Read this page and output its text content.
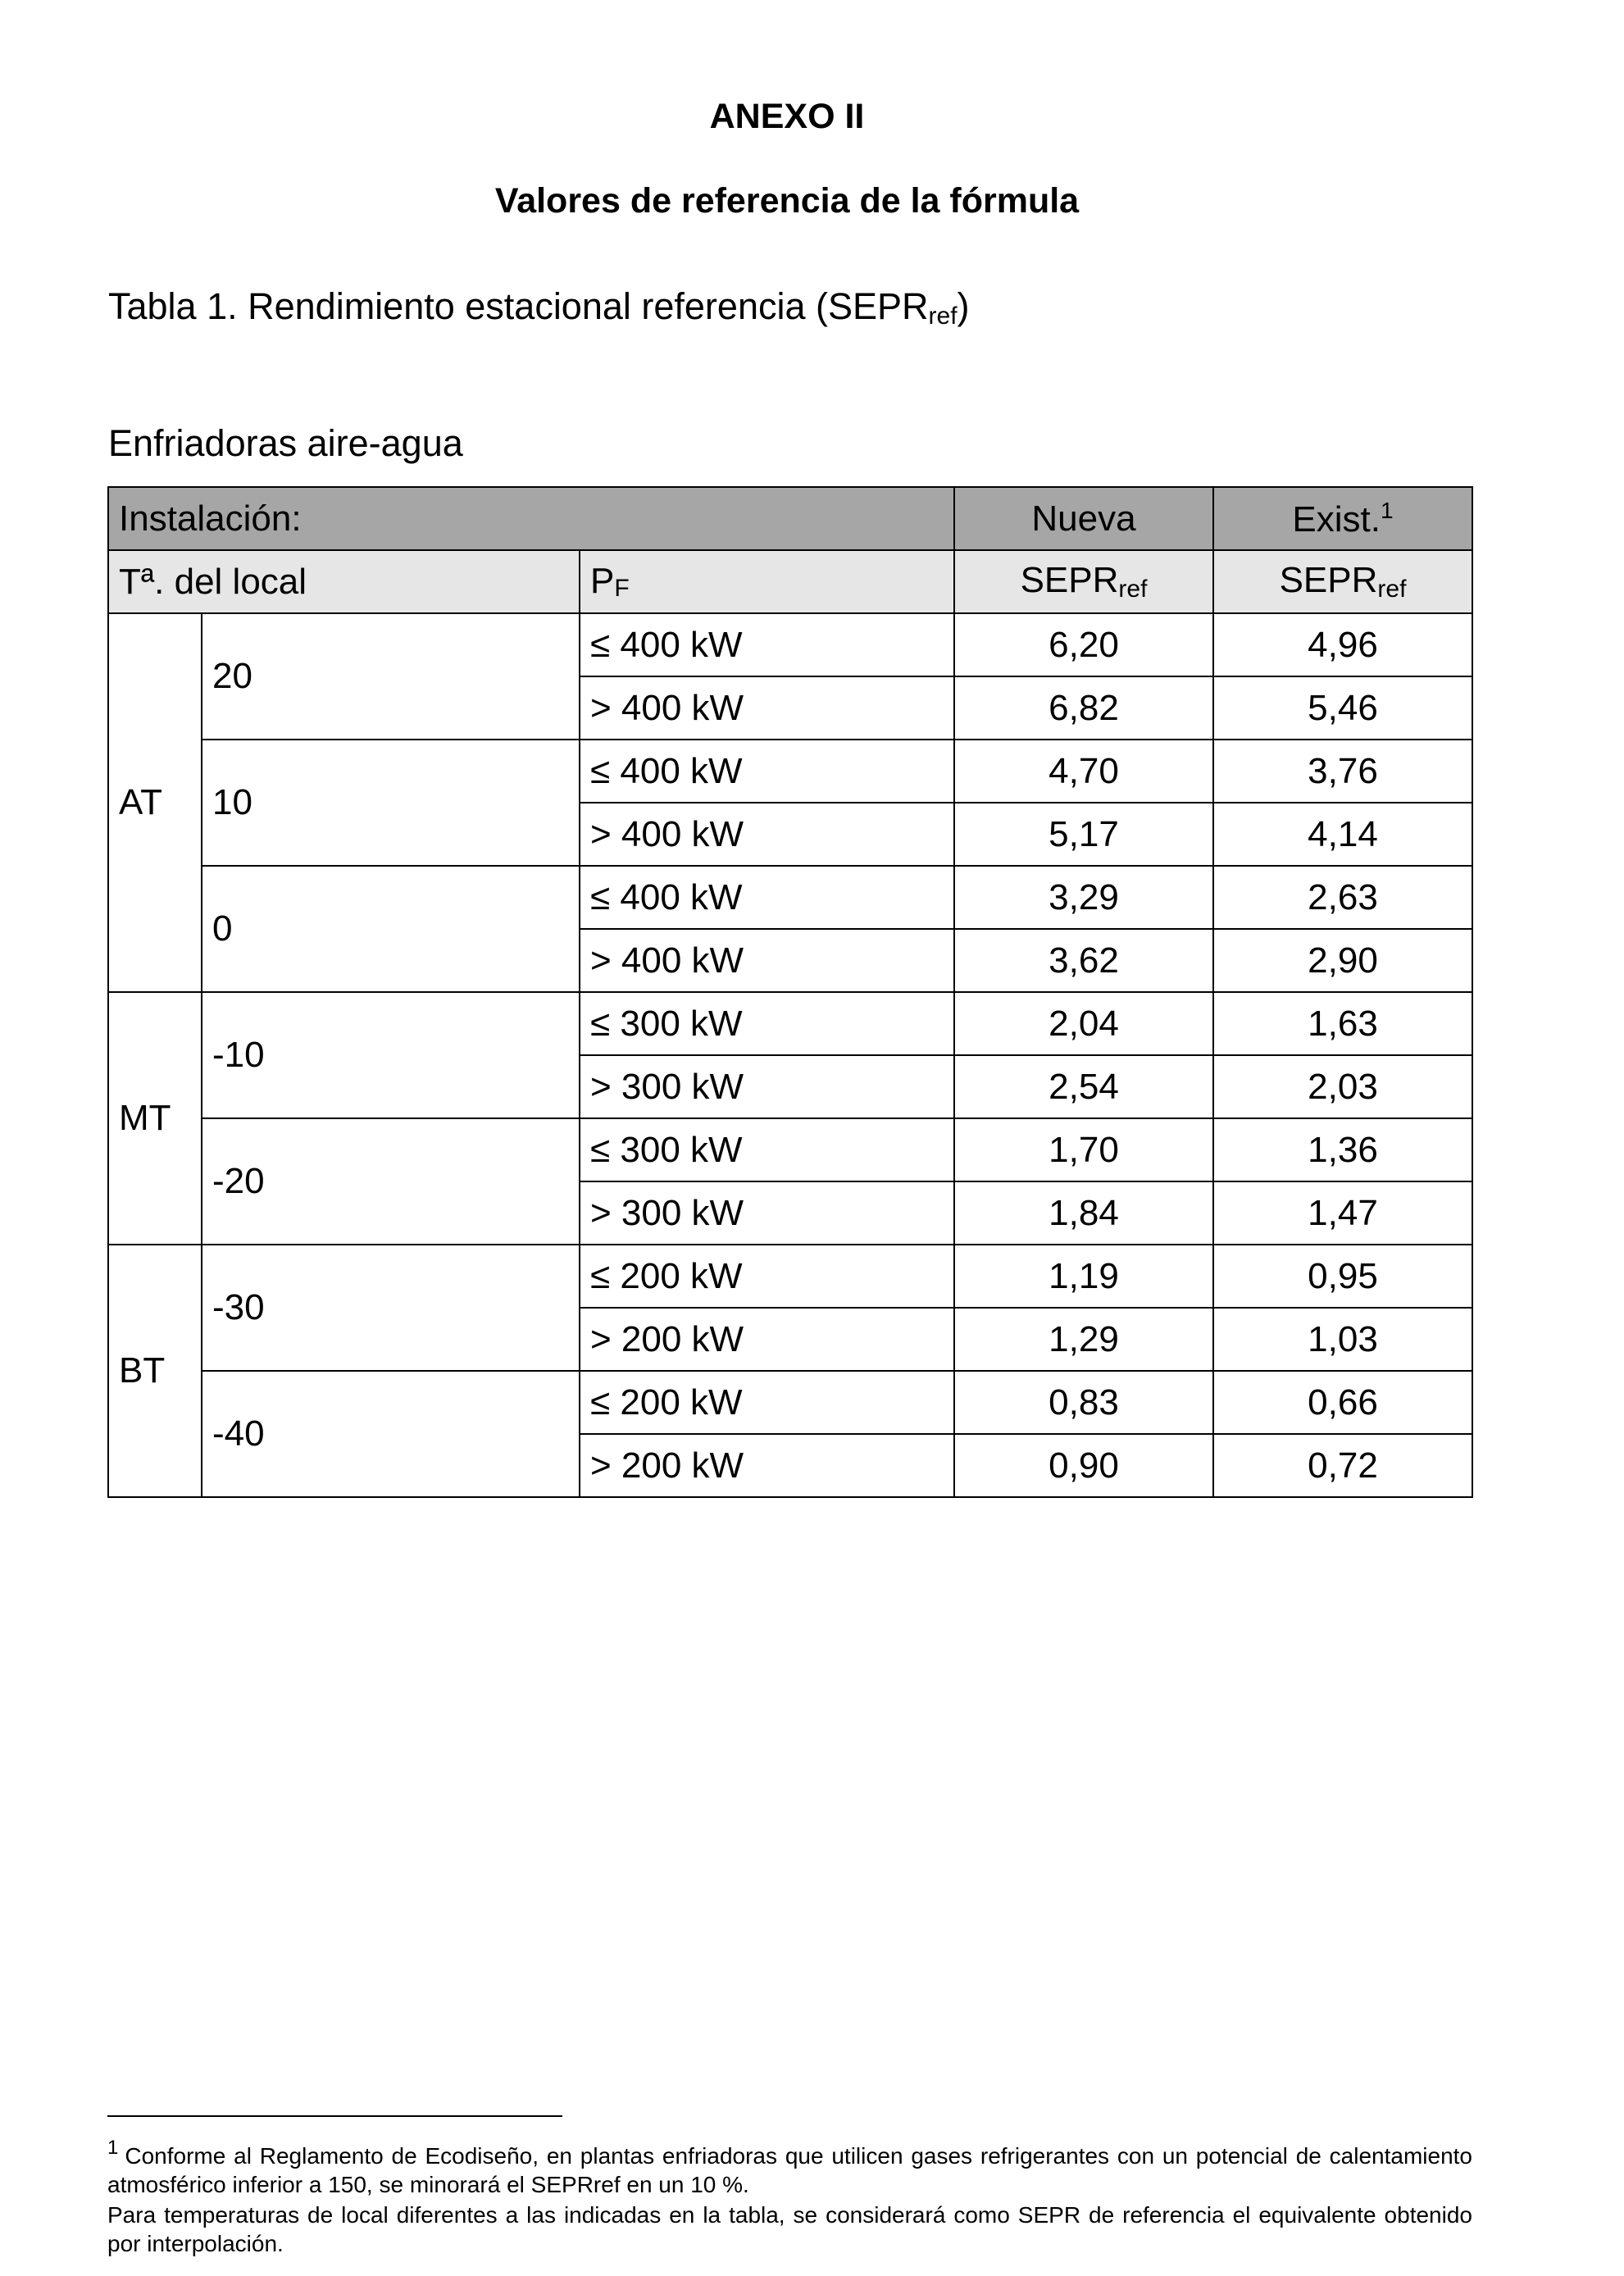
ANEXO II
Valores de referencia de la fórmula
Tabla 1. Rendimiento estacional referencia $(SEPR_{ref})$
Enfriadoras aire-agua
Instalación:			Nueva	Exist.$^1$
Tª. del local		$P_F$	$SEPR_{ref}$	$SEPR_{ref}$
AT	20	≤ 400 kW	6,20	4,96
		> 400 kW	6,82	5,46
	10	≤ 400 kW	4,70	3,76
		> 400 kW	5,17	4,14
	0	≤ 400 kW	3,29	2,63
		> 400 kW	3,62	2,90
MT	-10	≤ 300 kW	2,04	1,63
		> 300 kW	2,54	2,03
	-20	≤ 300 kW	1,70	1,36
		> 300 kW	1,84	1,47
BT	-30	≤ 200 kW	1,19	0,95
		> 200 kW	1,29	1,03
	-40	≤ 200 kW	0,83	0,66
		> 200 kW	0,90	0,72
1 Conforme al Reglamento de Ecodiseño, en plantas enfriadoras que utilicen gases refrigerantes con un potencial de calentamiento atmosférico inferior a 150, se minorará el SEPRref en un 10 %.
Para temperaturas de local diferentes a las indicadas en la tabla, se considerará como SEPR de referencia el equivalente obtenido por interpolación.
